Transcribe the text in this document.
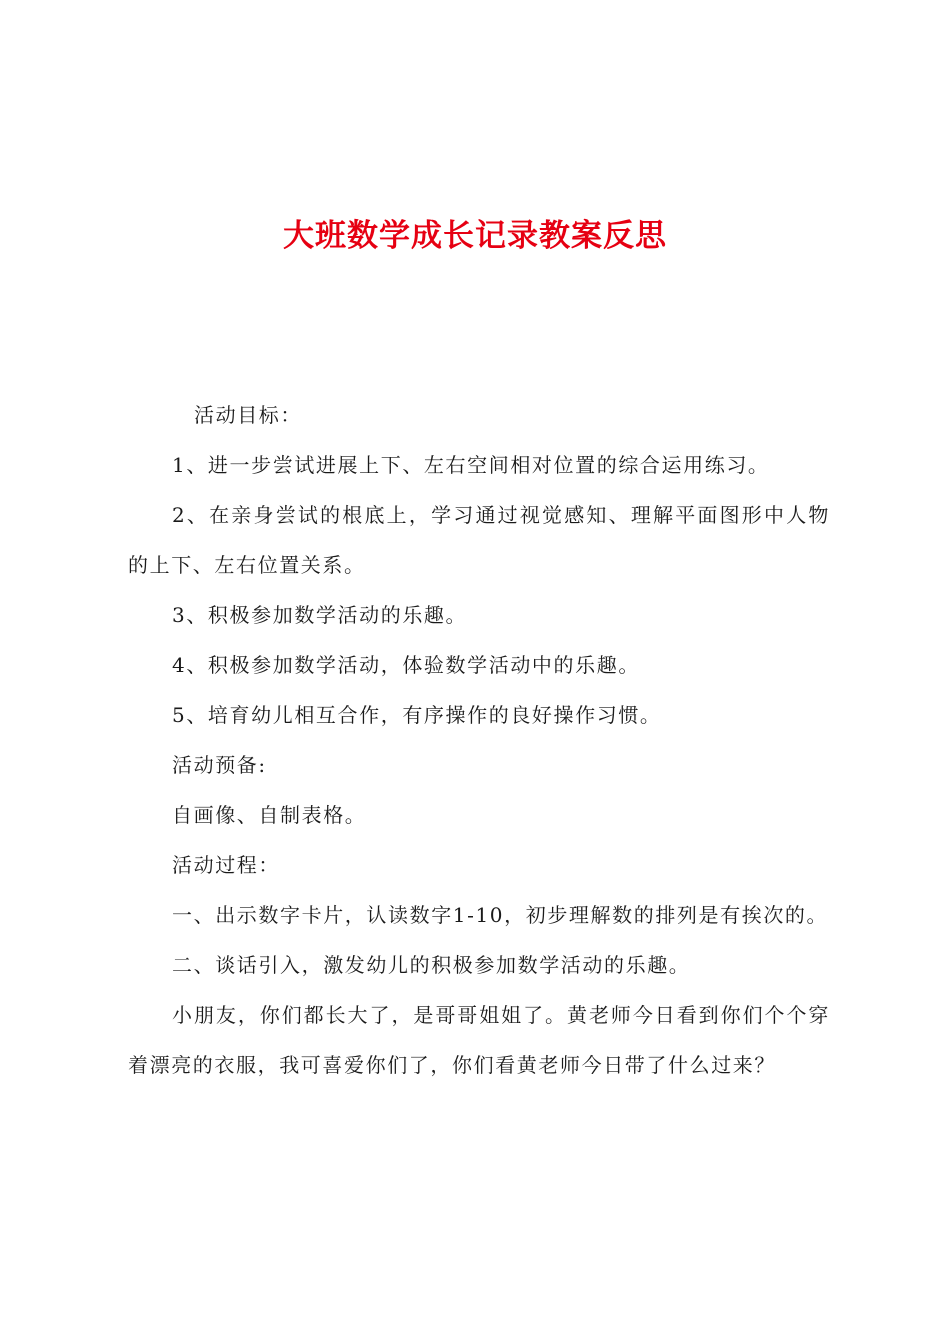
大班数学成长记录教案反思

活动目标：

1、进一步尝试进展上下、左右空间相对位置的综合运用练习。

2、在亲身尝试的根底上，学习通过视觉感知、理解平面图形中人物的上下、左右位置关系。

3、积极参加数学活动的乐趣。

4、积极参加数学活动，体验数学活动中的乐趣。

5、培育幼儿相互合作，有序操作的良好操作习惯。

活动预备:

自画像、自制表格。

活动过程：

一、出示数字卡片，认读数字1-10，初步理解数的排列是有挨次的。

二、谈话引入，激发幼儿的积极参加数学活动的乐趣。

小朋友，你们都长大了，是哥哥姐姐了。黄老师今日看到你们个个穿着漂亮的衣服，我可喜爱你们了，你们看黄老师今日带了什么过来？
